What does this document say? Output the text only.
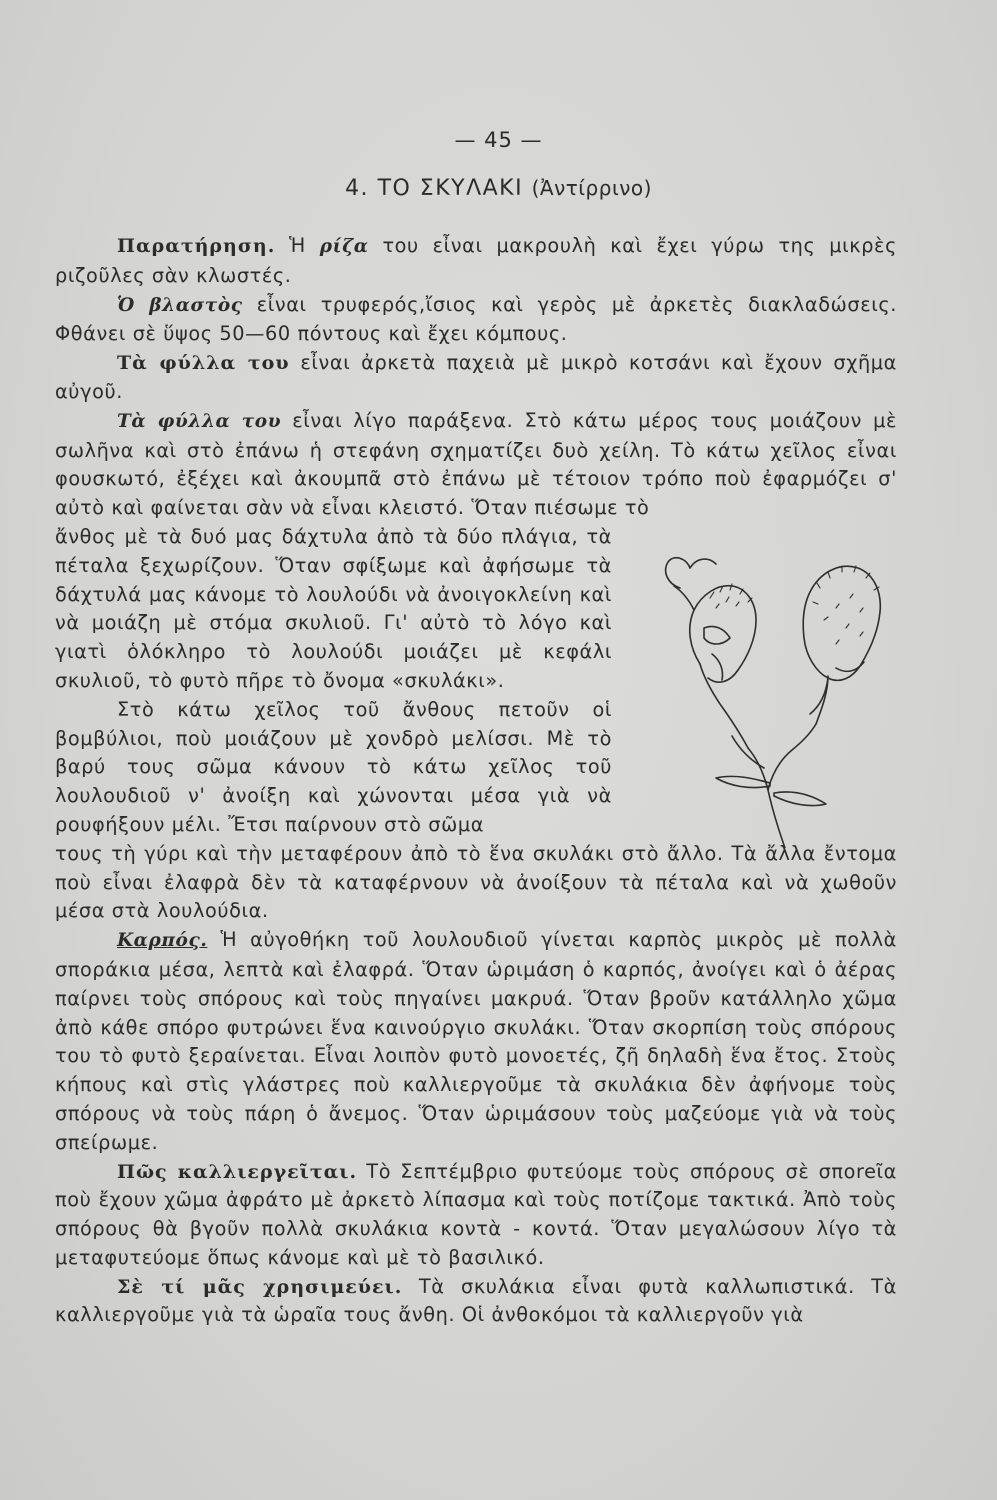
— 45 —
4. ΤΟ ΣΚΥΛΑΚΙ (Ἀντίρρινο)

Παρατήρηση. Ἡ ρίζα του εἶναι μακρουλὴ καὶ ἔχει γύρω της μικρὲς ριζοῦλες σὰν κλωστές.

Ὁ βλαστὸς εἶναι τρυφερός,ἴσιος καὶ γερὸς μὲ ἀρκετὲς διακλαδώσεις. Φθάνει σὲ ὕψος 50—60 πόντους καὶ ἔχει κόμπους.

Τὰ φύλλα του εἶναι ἀρκετὰ παχειὰ μὲ μικρὸ κοτσάνι καὶ ἔχουν σχῆμα αὐγοῦ.

Τὰ φύλλα του εἶναι λίγο παράξενα. Στὸ κάτω μέρος τους μοιάζουν μὲ σωλῆνα καὶ στὸ ἐπάνω ἡ στεφάνη σχηματίζει δυὸ χείλη. Τὸ κάτω χεῖλος εἶναι φουσκωτό, ἐξέχει καὶ ἀκουμπᾶ στὸ ἐπάνω μὲ τέτοιον τρόπο ποὺ ἐφαρμόζει σ' αὐτὸ καὶ φαίνεται σὰν νὰ εἶναι κλειστό. Ὅταν πιέσωμε τὸ

ἄνθος μὲ τὰ δυό μας δάχτυλα ἀπὸ τὰ δύο πλάγια, τὰ πέταλα ξεχωρίζουν. Ὅταν σφίξωμε καὶ ἀφήσωμε τὰ δάχτυλά μας κάνομε τὸ λουλούδι νὰ ἀνοιγοκλείνη καὶ νὰ μοιάζη μὲ στόμα σκυλιοῦ. Γι' αὐτὸ τὸ λόγο καὶ γιατὶ ὁλόκληρο τὸ λουλούδι μοιάζει μὲ κεφάλι σκυλιοῦ, τὸ φυτὸ πῆρε τὸ ὄνομα «σκυλάκι».

Στὸ κάτω χεῖλος τοῦ ἄνθους πετοῦν οἱ βομβύλιοι, ποὺ μοιάζουν μὲ χονδρὸ μελίσσι. Μὲ τὸ βαρύ τους σῶμα κάνουν τὸ κάτω χεῖλος τοῦ λουλουδιοῦ ν' ἀνοίξη καὶ χώνονται μέσα γιὰ νὰ ρουφήξουν μέλι. Ἔτσι παίρνουν στὸ σῶμα

τους τὴ γύρι καὶ τὴν μεταφέρουν ἀπὸ τὸ ἕνα σκυλάκι στὸ ἄλλο. Τὰ ἄλλα ἔντομα ποὺ εἶναι ἐλαφρὰ δὲν τὰ καταφέρνουν νὰ ἀνοίξουν τὰ πέταλα καὶ νὰ χωθοῦν μέσα στὰ λουλούδια.

Καρπός. Ἡ αὐγοθήκη τοῦ λουλουδιοῦ γίνεται καρπὸς μικρὸς μὲ πολλὰ σποράκια μέσα, λεπτὰ καὶ ἐλαφρά. Ὅταν ὡριμάση ὁ καρπός, ἀνοίγει καὶ ὁ ἀέρας παίρνει τοὺς σπόρους καὶ τοὺς πηγαίνει μακρυά. Ὅταν βροῦν κατάλληλο χῶμα ἀπὸ κάθε σπόρο φυτρώνει ἕνα καινούργιο σκυλάκι. Ὅταν σκορπίση τοὺς σπόρους του τὸ φυτὸ ξεραίνεται. Εἶναι λοιπὸν φυτὸ μονοετές, ζῆ δηλαδὴ ἕνα ἔτος. Στοὺς κήπους καὶ στὶς γλάστρες ποὺ καλλιεργοῦμε τὰ σκυλάκια δὲν ἀφήνομε τοὺς σπόρους νὰ τοὺς πάρη ὁ ἄνεμος. Ὅταν ὡριμάσουν τοὺς μαζεύομε γιὰ νὰ τοὺς σπείρωμε.

Πῶς καλλιεργεῖται. Τὸ Σεπτέμβριο φυτεύομε τοὺς σπόρους σὲ σποreῖα ποὺ ἔχουν χῶμα ἀφράτο μὲ ἀρκετὸ λίπασμα καὶ τοὺς ποτίζομε τακτικά. Ἀπὸ τοὺς σπόρους θὰ βγοῦν πολλὰ σκυλάκια κοντὰ - κοντά. Ὅταν μεγαλώσουν λίγο τὰ μεταφυτεύομε ὅπως κάνομε καὶ μὲ τὸ βασιλικό.

Σὲ τί μᾶς χρησιμεύει. Τὰ σκυλάκια εἶναι φυτὰ καλλωπιστικά. Τὰ καλλιεργοῦμε γιὰ τὰ ὡραῖα τους ἄνθη. Οἱ ἀνθοκόμοι τὰ καλλιεργοῦν γιὰ
